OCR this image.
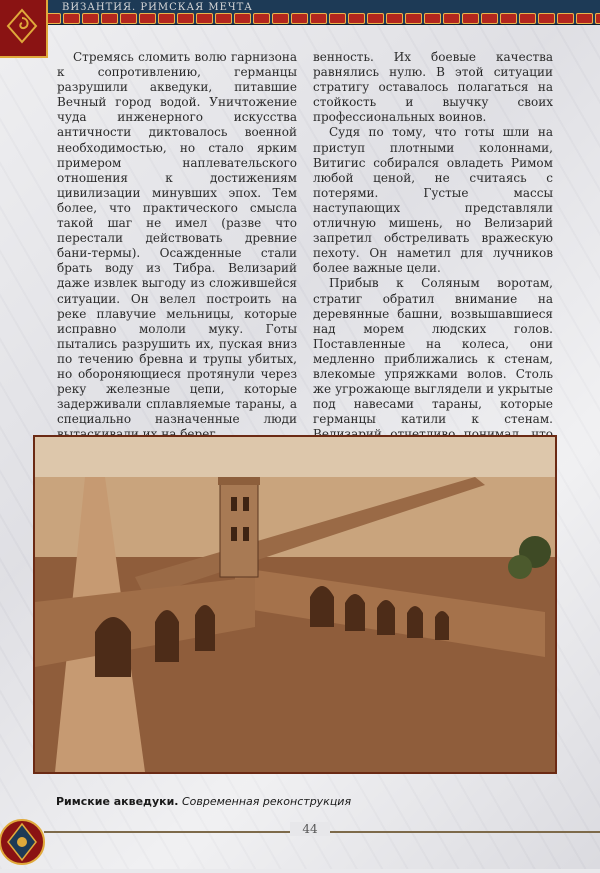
ВИЗАНТИЯ. РИМСКАЯ МЕЧТА

Стремясь сломить волю гарнизона к сопротивлению, германцы разрушили акведуки, питавшие Вечный город водой. Уничтожение чуда инженерного искусства античности диктовалось военной необходимостью, но стало ярким примером наплевательского отношения к достижениям цивилизации минувших эпох. Тем более, что практического смысла такой шаг не имел (разве что перестали действовать древние бани-термы). Осажденные стали брать воду из Тибра. Велизарий даже извлек выгоду из сложившейся ситуации. Он велел построить на реке плавучие мельницы, которые исправно мололи муку. Готы пытались разрушить их, пуская вниз по течению бревна и трупы убитых, но обороняющиеся протянули через реку железные цепи, которые задерживали сплавляемые тараны, а специально назначенные люди

венность. Их боевые качества равнялись нулю. В этой ситуации стратигу оставалось полагаться на стойкость и выучку своих профессиональных воинов.

Судя по тому, что готы шли на приступ плотными колоннами, Витигис собирался овладеть Римом любой ценой, не считаясь с потерями. Густые массы наступающих представляли отличную мишень, но Велизарий запретил обстреливать вражескую пехоту. Он наметил для лучников более важные цели.

Прибыв к Соляным воротам, стратиг обратил внимание на деревянные башни, возвышавшиеся над морем людских голов. Поставленные на колеса, они медленно приближались к стенам, влекомые упряжками волов. Столь же угрожающе выглядели и укрытые под навесами тараны, которые германцы катили к стенам.

Римские акведуки. Современная реконструкция
44
